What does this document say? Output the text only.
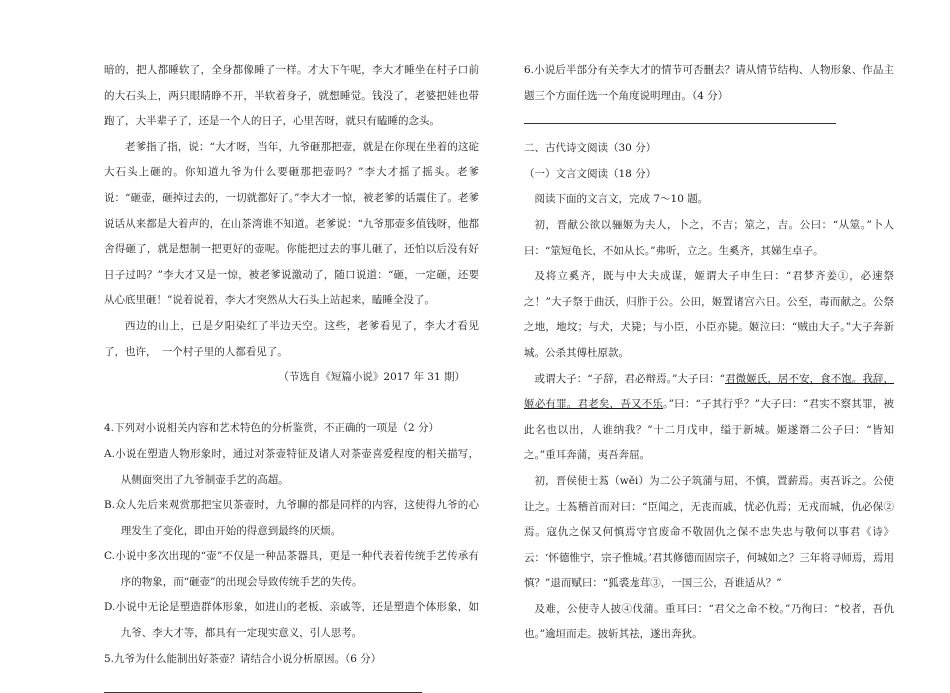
暗的，把人都睡软了，全身都像睡了一样。才大下午呢，李大才睡坐在村子口前的大石头上，两只眼睛睁不开，半软着身子，就想睡觉。钱没了，老婆把娃也带跑了，大半辈子了，还是一个人的日子，心里苦呀，就只有瞌睡的念头。

老爹指了指，说：“大才呀，当年，九爷砸那把壶，就是在你现在坐着的这砣大石头上砸的。你知道九爷为什么要砸那把壶吗？”李大才摇了摇头。老爹说：“砸壶，砸掉过去的，一切就都好了。”李大才一惊，被老爹的话震住了。老爹说话从来都是大着声的，在山茶湾谁不知道。老爹说：“九爷那壶多值钱呀，他都舍得砸了，就是想制一把更好的壶呢。你能把过去的事儿砸了，还怕以后没有好日子过吗？”李大才又是一惊，被老爹说激动了，随口说道：“砸，一定砸，还要从心底里砸！”说着说着，李大才突然从大石头上站起来，瞌睡全没了。

西边的山上，已是夕阳染红了半边天空。这些，老爹看见了，李大才看见了，也许，　一个村子里的人都看见了。

（节选自《短篇小说》2017 年 31 期）

4.下列对小说相关内容和艺术特色的分析鉴赏，不正确的一项是（2 分）

A.小说在塑造人物形象时，通过对茶壶特征及诸人对茶壶喜爱程度的相关描写，从侧面突出了九爷制壶手艺的高超。

B.众人先后来观赏那把宝贝茶壶时，九爷聊的都是同样的内容，这使得九爷的心理发生了变化，即由开始的得意到最终的厌烦。

C.小说中多次出现的“壶”不仅是一种品茶器具，更是一种代表着传统手艺传承有序的物象，而“砸壶”的出现会导致传统手艺的失传。

D.小说中无论是塑造群体形象，如进山的老板、亲戚等，还是塑造个体形象，如九爷、李大才等，都具有一定现实意义，引人思考。

5.九爷为什么能制出好茶壶？请结合小说分析原因。（6 分）

6.小说后半部分有关李大才的情节可否删去？请从情节结构、人物形象、作品主题三个方面任选一个角度说明理由。（4 分）

二、古代诗文阅读（30 分）

（一）文言文阅读（18 分）

阅读下面的文言文，完成 7～10 题。

初，晋献公欲以骊姬为夫人，卜之，不吉；筮之，吉。公曰：“从筮。”卜人曰：“筮短龟长，不如从长。”弗听，立之。生奚齐，其娣生卓子。

及将立奚齐，既与中大夫成谋，姬谓大子申生曰：“君梦齐姜①，必速祭之！”大子祭于曲沃，归胙于公。公田，姬置诸宫六日。公至，毒而献之。公祭之地，地坟；与犬，犬毙；与小臣，小臣亦毙。姬泣曰：“贼由大子。”大子奔新城。公杀其傅杜原款。

或谓大子：“子辞，君必辩焉。”大子曰：“君微姬氏，居不安，食不饱。我辞，姬必有罪。君老矣，吾又不乐。”曰：“子其行乎？”大子曰：“君实不察其罪，被此名也以出，人谁纳我？”十二月戊申，缢于新城。姬遂谮二公子曰：“皆知之。”重耳奔蒲，夷吾奔屈。

初，晋侯使士蒍（wěi）为二公子筑蒲与屈，不慎，置薪焉。夷吾诉之。公使让之。士蒍稽首而对曰：“臣闻之，无丧而戚，忧必仇焉；无戎而城，仇必保②焉。寇仇之保又何慎焉守官废命不敬固仇之保不忠失忠与敬何以事君《诗》云：‘怀德惟宁，宗子惟城。’君其修德而固宗子，何城如之？三年将寻师焉，焉用慎？”退而赋曰：“狐裘尨茸③，一国三公，吾谁适从？”

及难，公使寺人披④伐蒲。重耳曰：“君父之命不校。”乃徇曰：“校者，吾仇也。”逾垣而走。披斩其祛，遂出奔狄。
